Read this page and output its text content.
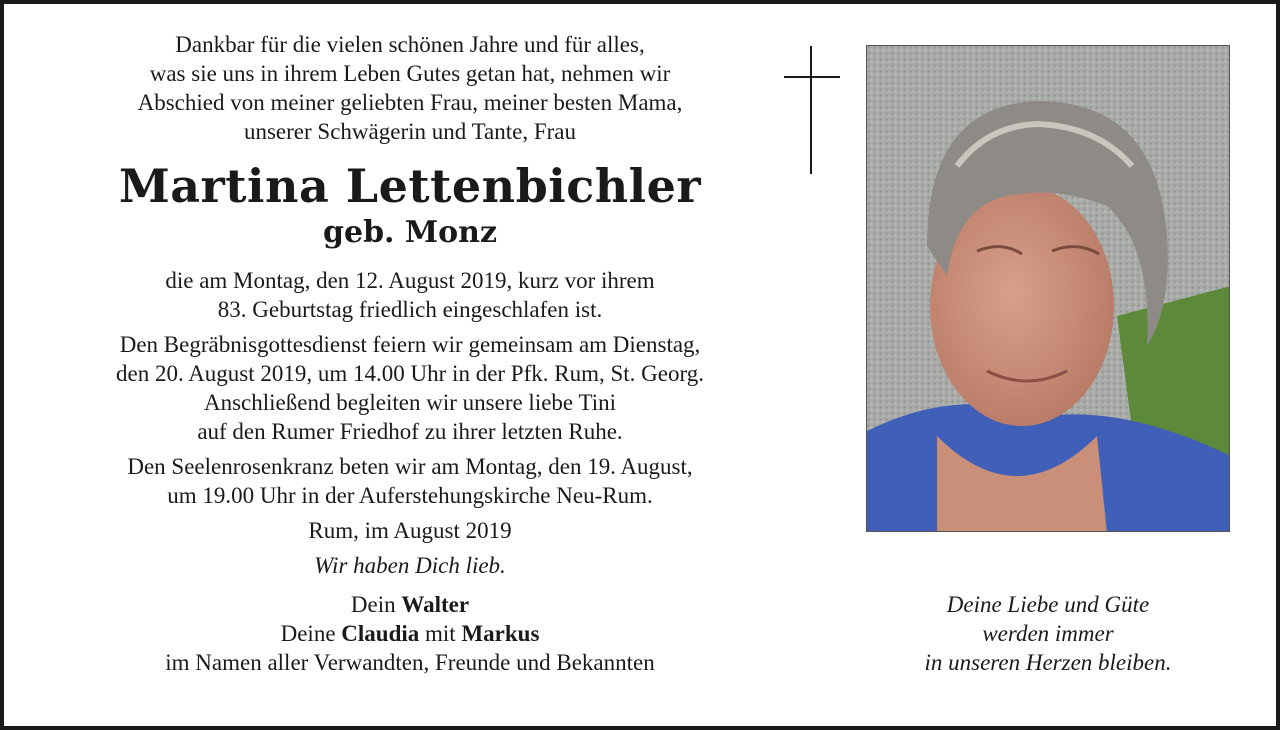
Dankbar für die vielen schönen Jahre und für alles,
was sie uns in ihrem Leben Gutes getan hat, nehmen wir
Abschied von meiner geliebten Frau, meiner besten Mama,
unserer Schwägerin und Tante, Frau
Martina Lettenbichler
geb. Monz
die am Montag, den 12. August 2019, kurz vor ihrem
83. Geburtstag friedlich eingeschlafen ist.
Den Begräbnisgottesdienst feiern wir gemeinsam am Dienstag,
den 20. August 2019, um 14.00 Uhr in der Pfk. Rum, St. Georg.
Anschließend begleiten wir unsere liebe Tini
auf den Rumer Friedhof zu ihrer letzten Ruhe.
Den Seelenrosenkranz beten wir am Montag, den 19. August,
um 19.00 Uhr in der Auferstehungskirche Neu-Rum.
Rum, im August 2019
Wir haben Dich lieb.
Dein Walter
Deine Claudia mit Markus
im Namen aller Verwandten, Freunde und Bekannten
Deine Liebe und Güte
werden immer
in unseren Herzen bleiben.
